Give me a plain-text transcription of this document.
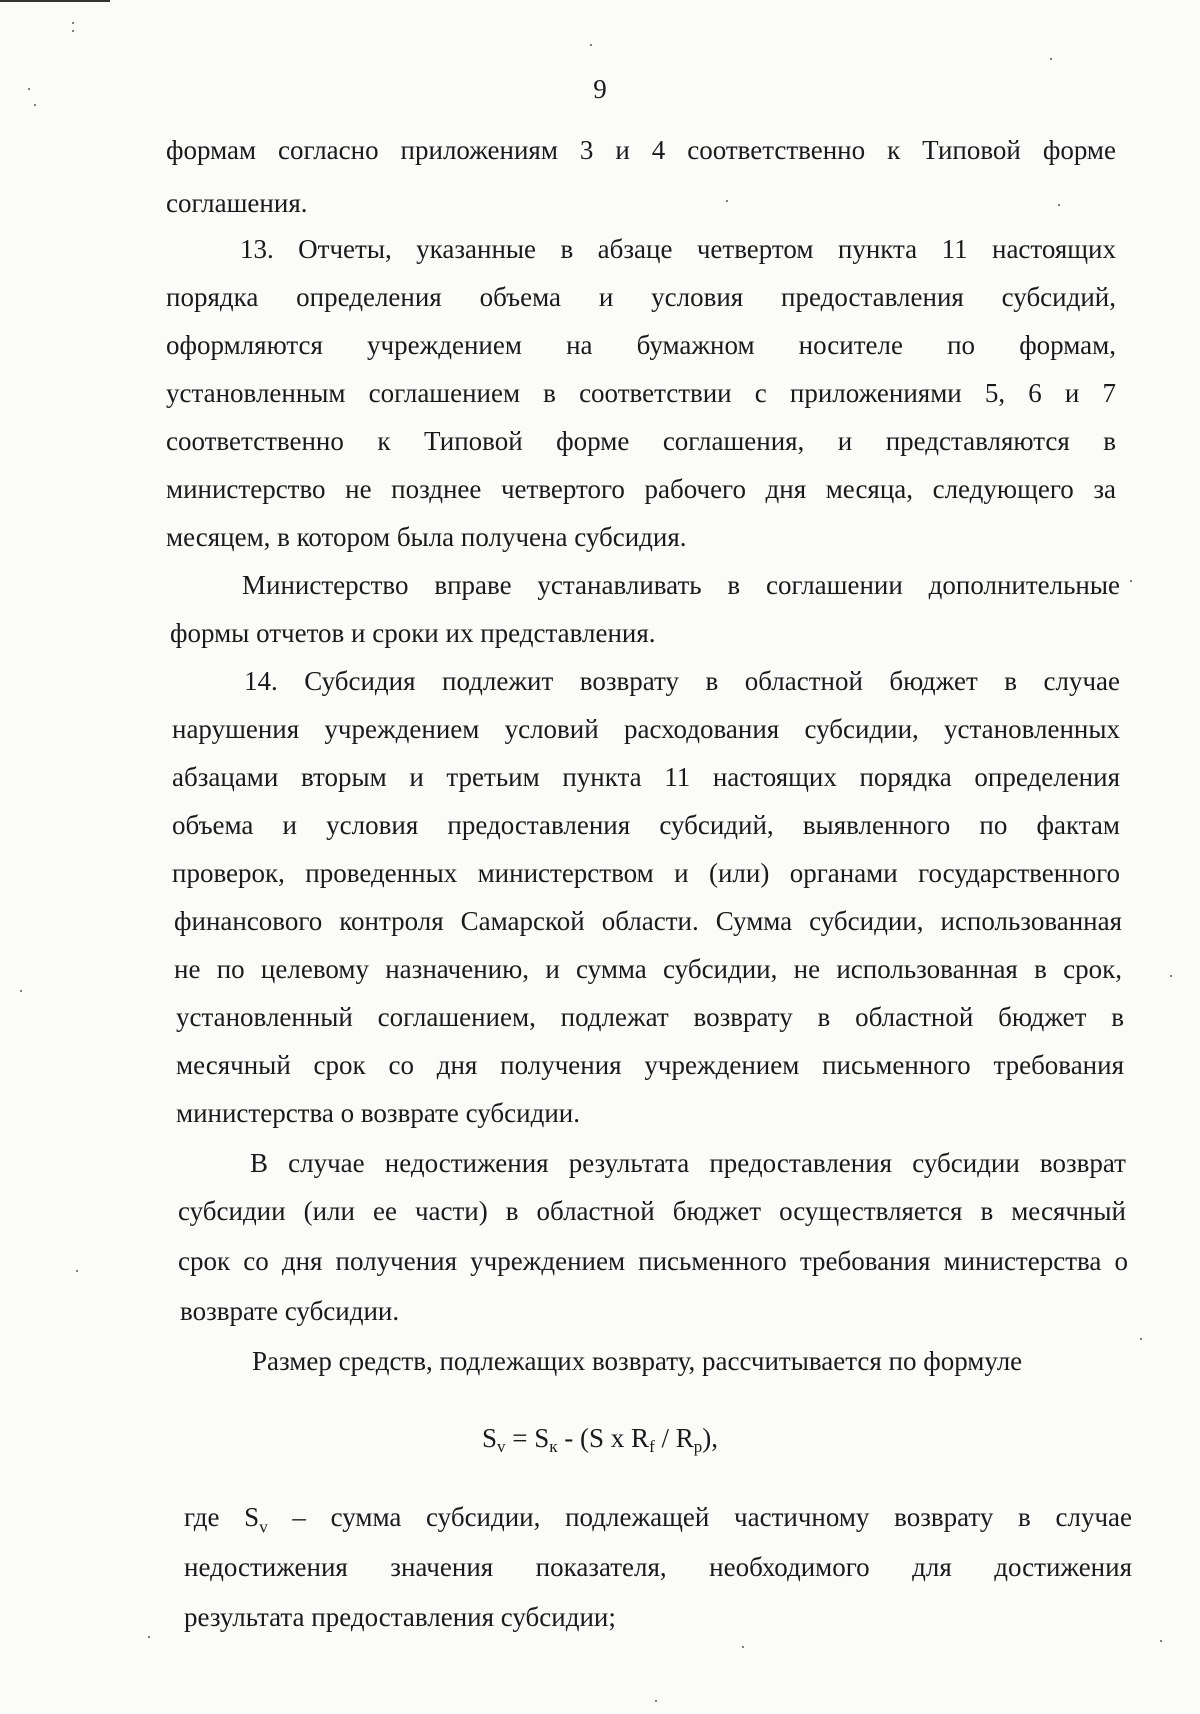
9
формам согласно приложениям 3 и 4 соответственно к Типовой форме
соглашения.
13. Отчеты, указанные в абзаце четвертом пункта 11 настоящих
порядка определения объема и условия предоставления субсидий,
оформляются учреждением на бумажном носителе по формам,
установленным соглашением в соответствии с приложениями 5, 6 и 7
соответственно к Типовой форме соглашения, и представляются в
министерство не позднее четвертого рабочего дня месяца, следующего за
месяцем, в котором была получена субсидия.
Министерство вправе устанавливать в соглашении дополнительные
формы отчетов и сроки их представления.
14. Субсидия подлежит возврату в областной бюджет в случае
нарушения учреждением условий расходования субсидии, установленных
абзацами вторым и третьим пункта 11 настоящих порядка определения
объема и условия предоставления субсидий, выявленного по фактам
проверок, проведенных министерством и (или) органами государственного
финансового контроля Самарской области. Сумма субсидии, использованная
не по целевому назначению, и сумма субсидии, не использованная в срок,
установленный соглашением, подлежат возврату в областной бюджет в
месячный срок со дня получения учреждением письменного требования
министерства о возврате субсидии.
В случае недостижения результата предоставления субсидии возврат
субсидии (или ее части) в областной бюджет осуществляется в месячный
срок со дня получения учреждением письменного требования министерства о
возврате субсидии.
Размер средств, подлежащих возврату, рассчитывается по формуле
$S_v = S_к - (S$ x $R_f / R_p$),
где $S_v$ – сумма субсидии, подлежащей частичному возврату в случае
недостижения значения показателя, необходимого для достижения
результата предоставления субсидии;
